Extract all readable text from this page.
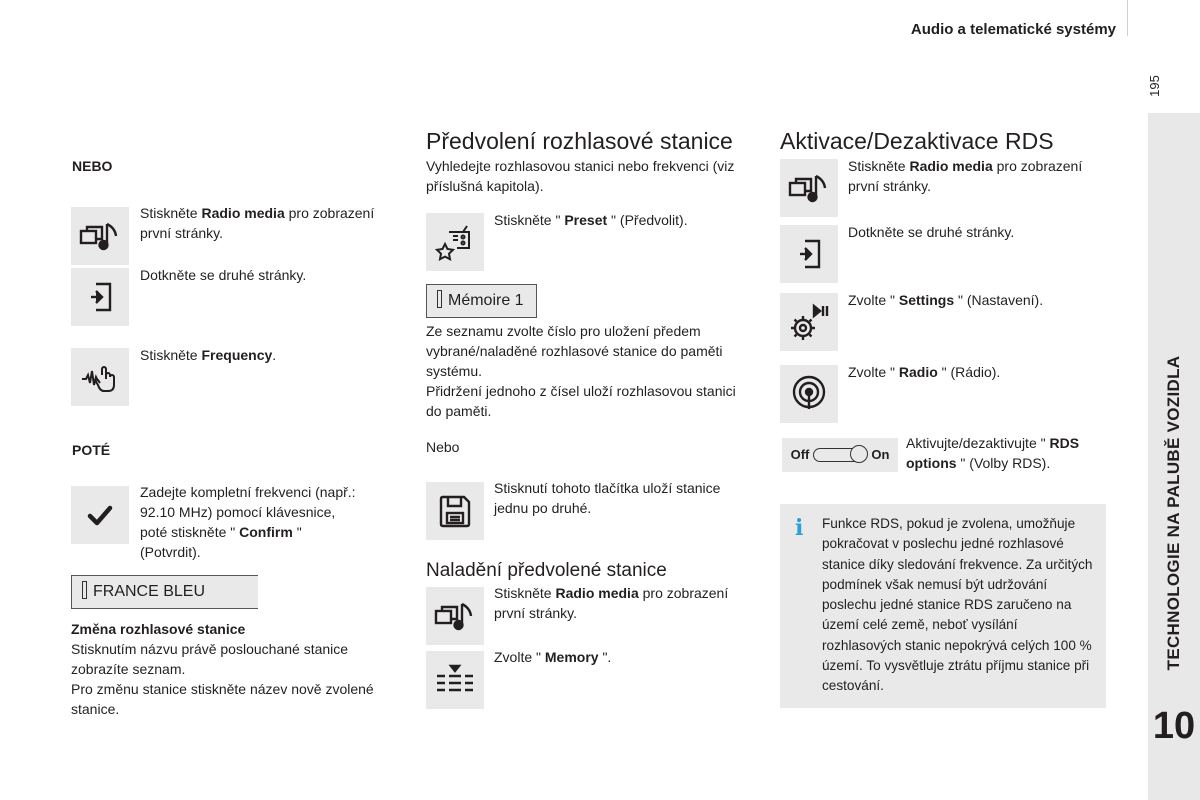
Audio a telematické systémy
195
TECHNOLOGIE NA PALUBĚ VOZIDLA
10
NEBO
Stiskněte Radio media pro zobrazení první stránky.
Dotkněte se druhé stránky.
Stiskněte Frequency.
POTÉ
Zadejte kompletní frekvenci (např.: 92.10 MHz) pomocí klávesnice, poté stiskněte " Confirm " (Potvrdit).
FRANCE BLEU
Změna rozhlasové stanice
Stisknutím názvu právě poslouchané stanice zobrazíte seznam.
Pro změnu stanice stiskněte název nově zvolené stanice.
Předvolení rozhlasové stanice
Vyhledejte rozhlasovou stanici nebo frekvenci (viz příslušná kapitola).
Stiskněte " Preset " (Předvolit).
Mémoire 1
Ze seznamu zvolte číslo pro uložení předem vybrané/naladěné rozhlasové stanice do paměti systému.
Přidržení jednoho z čísel uloží rozhlasovou stanici do paměti.
Nebo
Stisknutí tohoto tlačítka uloží stanice jednu po druhé.
Naladění předvolené stanice
Stiskněte Radio media pro zobrazení první stránky.
Zvolte " Memory ".
Aktivace/Dezaktivace RDS
Stiskněte Radio media pro zobrazení první stránky.
Dotkněte se druhé stránky.
Zvolte " Settings " (Nastavení).
Zvolte " Radio " (Rádio).
Off	On
Aktivujte/dezaktivujte " RDS options " (Volby RDS).
i Funkce RDS, pokud je zvolena, umožňuje pokračovat v poslechu jedné rozhlasové stanice díky sledování frekvence. Za určitých podmínek však nemusí být udržování poslechu jedné stanice RDS zaručeno na území celé země, neboť vysílání rozhlasových stanic nepokrývá celých 100 % území. To vysvětluje ztrátu příjmu stanice při cestování.
